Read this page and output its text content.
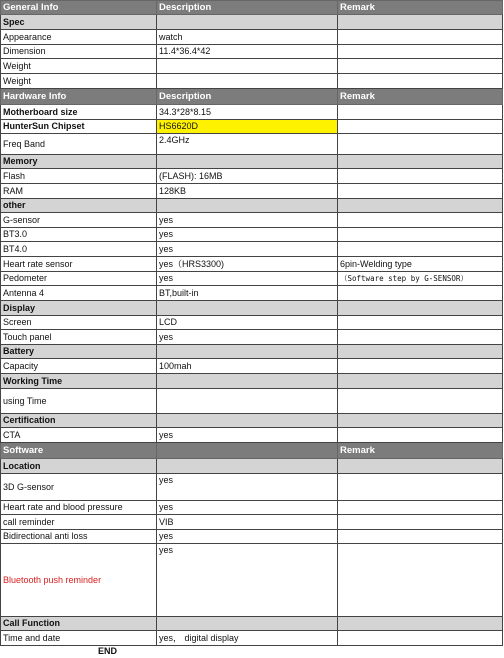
General Info	Description	Remark
Spec		
Appearance	watch	
Dimension	11.4*36.4*42	
Weight		
Weight		
Hardware Info	Description	Remark
Motherboard size	34.3*28*8.15	
HunterSun Chipset	HS6620D	
Freq Band	2.4GHz	
Memory		
Flash	(FLASH): 16MB	
RAM	128KB	
other		
G-sensor	yes	
BT3.0	yes	
BT4.0	yes	
Heart rate sensor	yes（HRS3300)	6pin-Welding type
Pedometer	yes	（Software step by G-SENSOR）
Antenna 4	BT,built-in	
Display		
Screen	LCD	
Touch panel	yes	
Battery		
Capacity	100mah	
Working Time		
using Time		
Certification		
CTA	yes	
Software		Remark
Location		
3D G-sensor	yes	
Heart rate and blood pressure	yes	
call reminder	VIB	
Bidirectional anti loss	yes	
Bluetooth push reminder	yes	
Call Function		
Time and date	yes， digital display	
END
